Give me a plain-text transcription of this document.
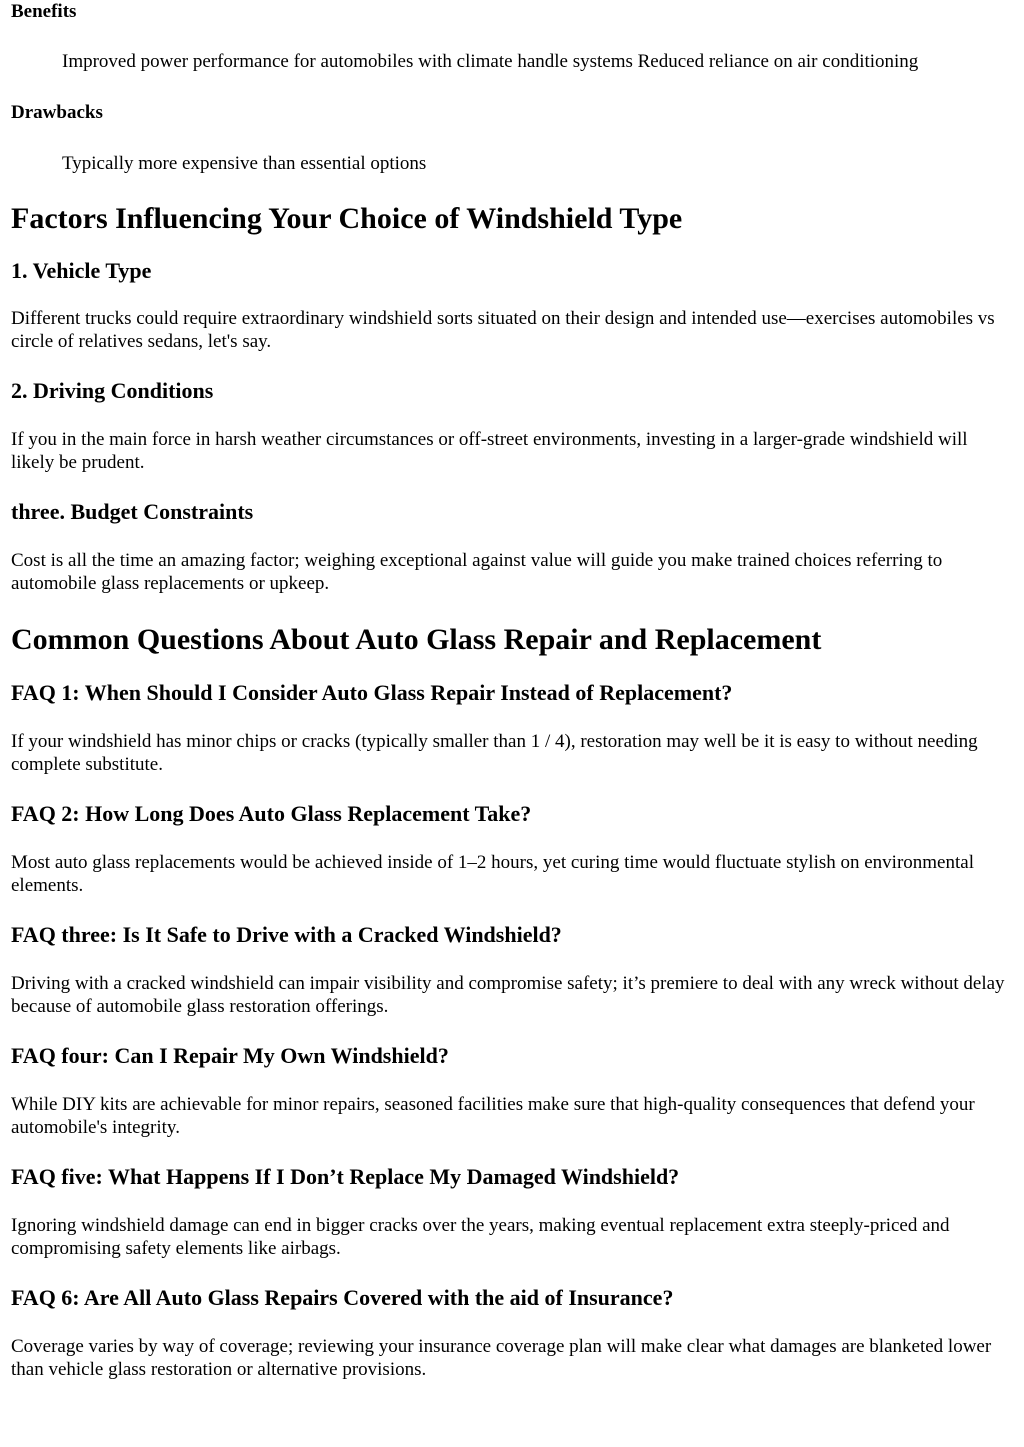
Benefits

Improved power performance for automobiles with climate handle systems Reduced reliance on air conditioning

Drawbacks

Typically more expensive than essential options
Factors Influencing Your Choice of Windshield Type
1. Vehicle Type

Different trucks could require extraordinary windshield sorts situated on their design and intended use—exercises automobiles vs circle of relatives sedans, let's say.

2. Driving Conditions

If you in the main force in harsh weather circumstances or off-street environments, investing in a larger-grade windshield will likely be prudent.

three. Budget Constraints

Cost is all the time an amazing factor; weighing exceptional against value will guide you make trained choices referring to automobile glass replacements or upkeep.

Common Questions About Auto Glass Repair and Replacement
FAQ 1: When Should I Consider Auto Glass Repair Instead of Replacement?

If your windshield has minor chips or cracks (typically smaller than 1 / 4), restoration may well be it is easy to without needing complete substitute.

FAQ 2: How Long Does Auto Glass Replacement Take?

Most auto glass replacements would be achieved inside of 1–2 hours, yet curing time would fluctuate stylish on environmental elements.

FAQ three: Is It Safe to Drive with a Cracked Windshield?

Driving with a cracked windshield can impair visibility and compromise safety; it’s premiere to deal with any wreck without delay because of automobile glass restoration offerings.

FAQ four: Can I Repair My Own Windshield?

While DIY kits are achievable for minor repairs, seasoned facilities make sure that high-quality consequences that defend your automobile's integrity.

FAQ five: What Happens If I Don’t Replace My Damaged Windshield?

Ignoring windshield damage can end in bigger cracks over the years, making eventual replacement extra steeply-priced and compromising safety elements like airbags.

FAQ 6: Are All Auto Glass Repairs Covered with the aid of Insurance?

Coverage varies by way of coverage; reviewing your insurance coverage plan will make clear what damages are blanketed lower than vehicle glass restoration or alternative provisions.
